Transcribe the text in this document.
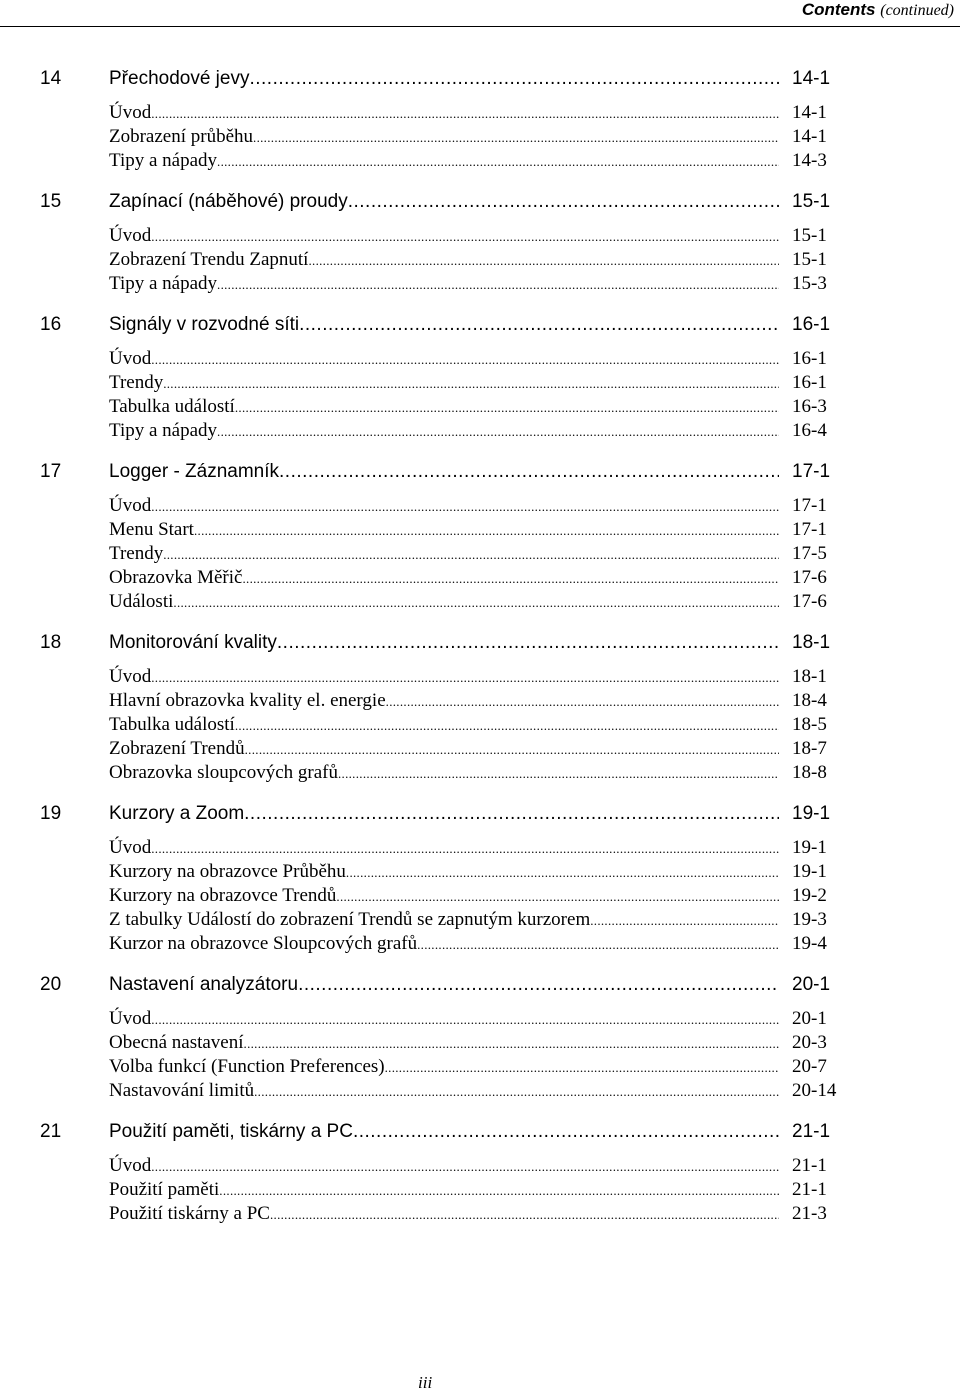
Contents (continued)
14	Přechodové jevy .....	14-1
Úvod .....	14-1
Zobrazení průběhu .....	14-1
Tipy a nápady .....	14-3
15	Zapínací (náběhové) proudy .....	15-1
Úvod .....	15-1
Zobrazení Trendu Zapnutí .....	15-1
Tipy a nápady .....	15-3
16	Signály v rozvodné síti .....	16-1
Úvod .....	16-1
Trendy .....	16-1
Tabulka událostí .....	16-3
Tipy a nápady .....	16-4
17	Logger - Záznamník .....	17-1
Úvod .....	17-1
Menu Start .....	17-1
Trendy .....	17-5
Obrazovka Měřič .....	17-6
Události .....	17-6
18	Monitorování kvality .....	18-1
Úvod .....	18-1
Hlavní obrazovka kvality el. energie .....	18-4
Tabulka událostí .....	18-5
Zobrazení Trendů .....	18-7
Obrazovka sloupcových grafů .....	18-8
19	Kurzory a Zoom .....	19-1
Úvod .....	19-1
Kurzory na obrazovce Průběhu .....	19-1
Kurzory na obrazovce Trendů .....	19-2
Z tabulky Událostí do zobrazení Trendů se zapnutým kurzorem .....	19-3
Kurzor na obrazovce Sloupcových grafů .....	19-4
20	Nastavení analyzátoru .....	20-1
Úvod .....	20-1
Obecná nastavení .....	20-3
Volba funkcí (Function Preferences) .....	20-7
Nastavování limitů .....	20-14
21	Použití paměti, tiskárny a PC .....	21-1
Úvod .....	21-1
Použití paměti .....	21-1
Použití tiskárny a PC .....	21-3
iii
